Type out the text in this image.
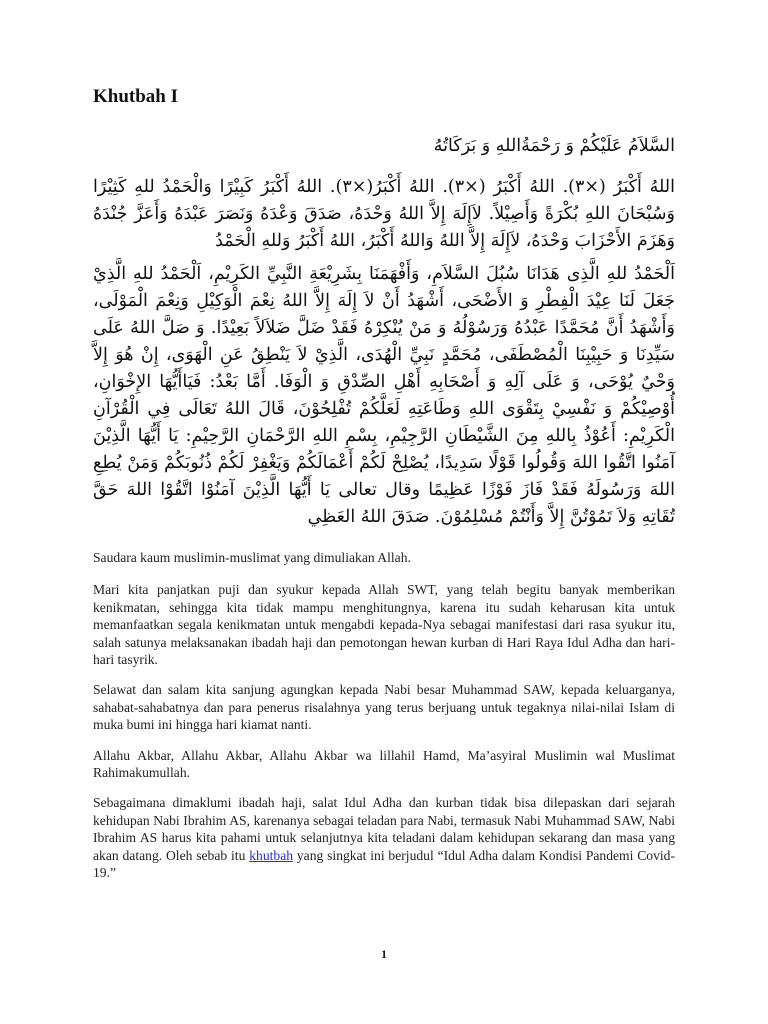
Khutbah I

السَّلاَمُ عَلَيْكُمْ وَ رَحْمَةُاللهِ وَ بَرَكَاتُهُ

اللهُ أَكْبَرُ (×٣). اللهُ أَكْبَرُ (×٣). اللهُ أَكْبَرُ(×٣). اللهُ أَكْبَرُ كَبِيْرًا وَالْحَمْدُ للهِ كَثِيْرًا وَسُبْحَانَ اللهِ بُكْرَةً وَأَصِيْلاً. لاَإِلَهَ إِلاَّ اللهُ وَحْدَهُ، صَدَقَ وَعْدَهُ وَنَصَرَ عَبْدَهُ وَأَعَزَّ جُنْدَهُ وَهَزَمَ الأَحْزَابَ وَحْدَهُ، لاَإِلَهَ إِلاَّ اللهُ وَاللهُ أَكْبَرُ، اللهُ أَكْبَرُ وَللهِ الْحَمْدُ

اَلْحَمْدُ للهِ الَّذِى هَدَانَا سُبُلَ السَّلاَمِ، وَأَفْهَمَنَا بِشَرِيْعَةِ النَّبِيِّ الكَرِيْمِ، اَلْحَمْدُ للهِ الَّذِيْ جَعَلَ لَنَا عِيْدَ الْفِطْرِ وَ الأَضْحَى، أَشْهَدُ أَنْ لاَ إِلَهَ إِلاَّ اللهُ نِعْمَ الْوَكِيْلِ وَنِعْمَ الْمَوْلَى، وَأَشْهَدُ أَنَّ مُحَمَّدًا عَبْدُهُ وَرَسُوْلُهُ وَ مَنْ يُنْكِرْهُ فَقَدْ ضَلَّ ضَلاَلاً بَعِيْدًا. وَ صَلَّ اللهُ عَلَى سَيِّدِنَا وَ حَبِيْبِنَا الْمُصْطَفَى، مُحَمَّدٍ نَبِيِّ الْهُدَى، الَّذِيْ لاَ يَنْطِقُ عَنِ الْهَوَى، إِنْ هُوَ إِلاَّ وَحْيٌ يُوْحَى، وَ عَلَى آلِهِ وَ أَصْحَابِهِ أَهْلِ الصِّدْقِ وَ الْوَفَا. أَمَّا بَعْدُ: فَيَاأَيُّهَا الإِخْوَانِ، أُوْصِيْكُمْ وَ نَفْسِيْ بِتَقْوَى اللهِ وَطَاعَتِهِ لَعَلَّكُمْ تُفْلِحُوْنَ، قَالَ اللهُ تَعَالَى فِي الْقُرْآنِ الْكَرِيْمِ: أَعُوْذُ بِاللهِ مِنَ الشَّيْطَانِ الرَّجِيْمِ، بِسْمِ اللهِ الرَّحْمَانِ الرَّحِيْمِ: يَا أَيُّهَا الَّذِيْنَ آمَنُوا اتَّقُوا اللهَ وَقُولُوا قَوْلًا سَدِيدًا، يُصْلِحْ لَكُمْ أَعْمَالَكُمْ وَيَغْفِرْ لَكُمْ ذُنُوبَكُمْ وَمَنْ يُطِعِ اللهَ وَرَسُولَهُ فَقَدْ فَازَ فَوْزًا عَظِيمًا وقال تعالى يَا أَيُّهَا الَّذِيْنَ آمَنُوْا اتَّقُوْا اللهَ حَقَّ تُقَاتِهِ وَلاَ تَمُوْتُنَّ إِلاَّ وَأَنْتُمْ مُسْلِمُوْنَ. صَدَقَ اللهُ العَظِي

Saudara kaum muslimin-muslimat yang dimuliakan Allah.

Mari kita panjatkan puji dan syukur kepada Allah SWT, yang telah begitu banyak memberikan kenikmatan, sehingga kita tidak mampu menghitungnya, karena itu sudah keharusan kita untuk memanfaatkan segala kenikmatan untuk mengabdi kepada-Nya sebagai manifestasi dari rasa syukur itu, salah satunya melaksanakan ibadah haji dan pemotongan hewan kurban di Hari Raya Idul Adha dan hari-hari tasyrik.

Selawat dan salam kita sanjung agungkan kepada Nabi besar Muhammad SAW, kepada keluarganya, sahabat-sahabatnya dan para penerus risalahnya yang terus berjuang untuk tegaknya nilai-nilai Islam di muka bumi ini hingga hari kiamat nanti.

Allahu Akbar, Allahu Akbar, Allahu Akbar wa lillahil Hamd, Ma’asyiral Muslimin wal Muslimat Rahimakumullah.

Sebagaimana dimaklumi ibadah haji, salat Idul Adha dan kurban tidak bisa dilepaskan dari sejarah kehidupan Nabi Ibrahim AS, karenanya sebagai teladan para Nabi, termasuk Nabi Muhammad SAW, Nabi Ibrahim AS harus kita pahami untuk selanjutnya kita teladani dalam kehidupan sekarang dan masa yang akan datang. Oleh sebab itu khutbah yang singkat ini berjudul “Idul Adha dalam Kondisi Pandemi Covid-19.”

1
